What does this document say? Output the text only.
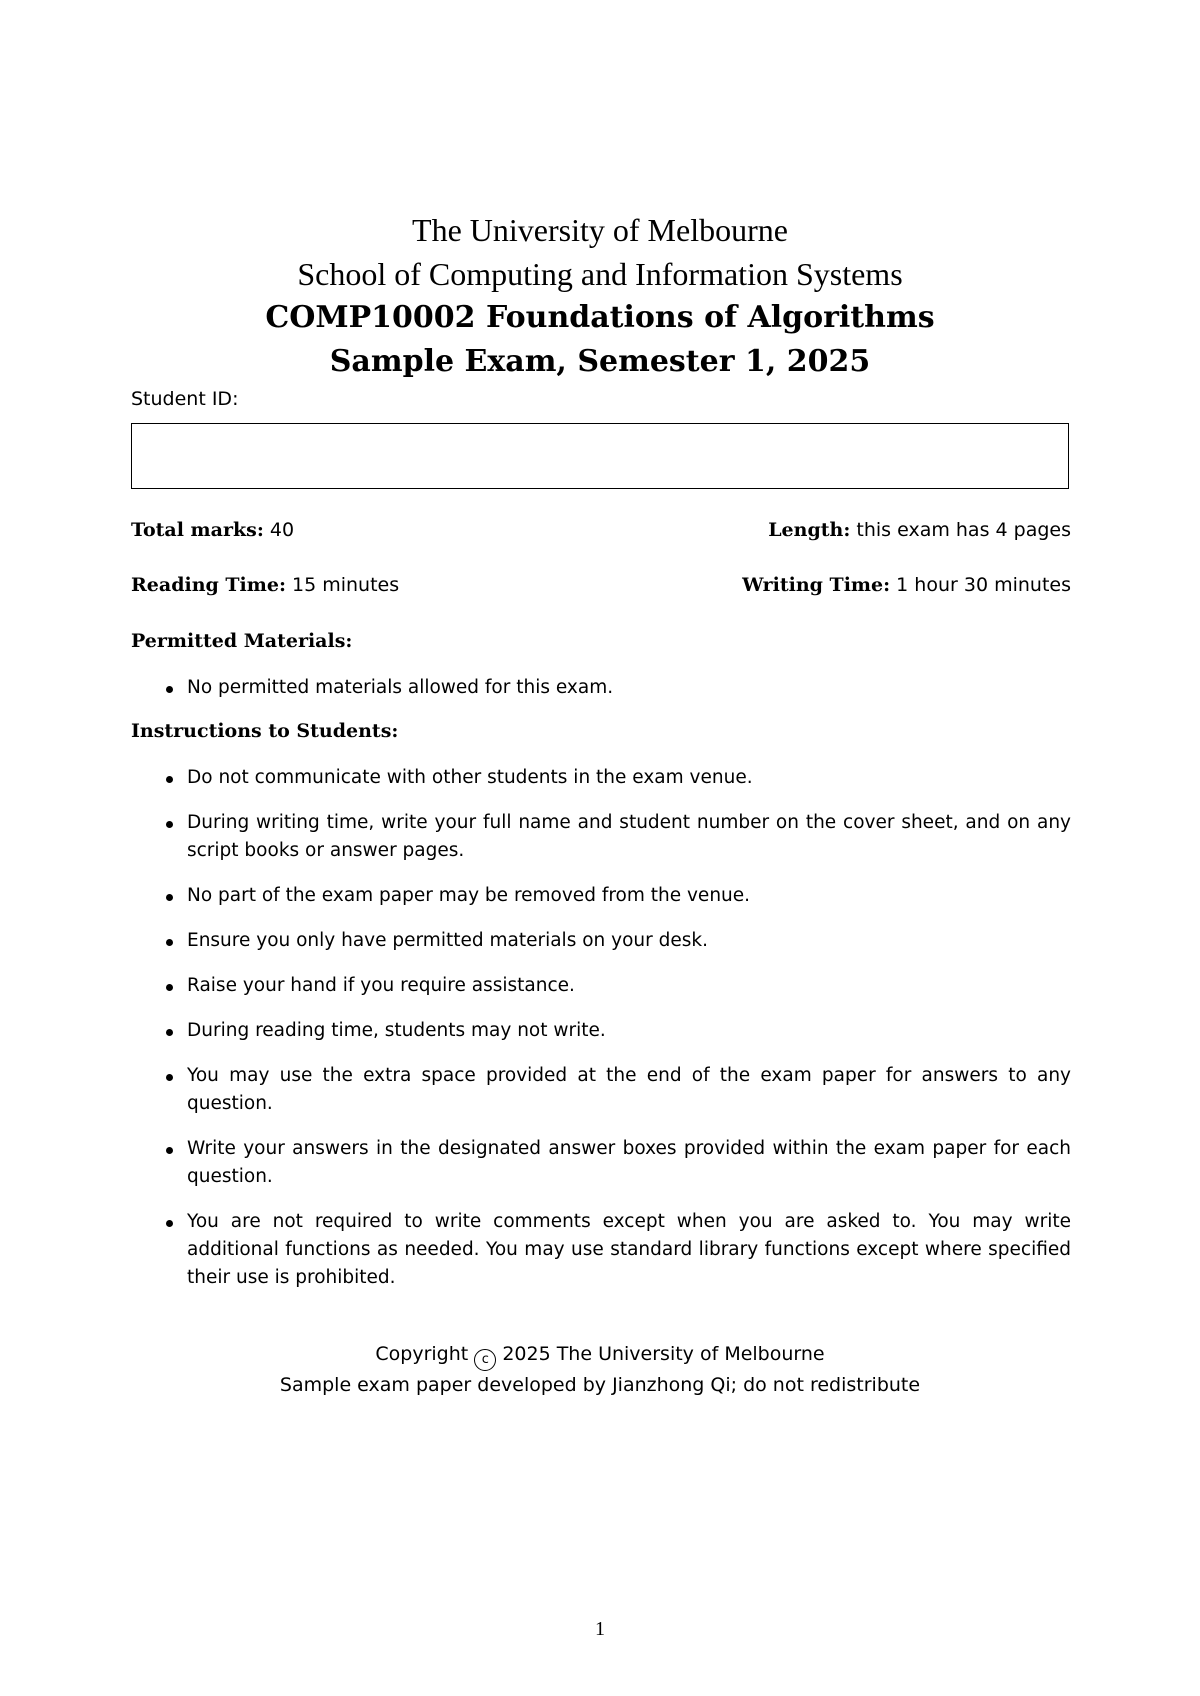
The University of Melbourne
School of Computing and Information Systems
COMP10002 Foundations of Algorithms
Sample Exam, Semester 1, 2025
Student ID:
Total marks: 40	Length: this exam has 4 pages
Reading Time: 15 minutes	Writing Time: 1 hour 30 minutes
Permitted Materials:
No permitted materials allowed for this exam.
Instructions to Students:
Do not communicate with other students in the exam venue.
During writing time, write your full name and student number on the cover sheet, and on any script books or answer pages.
No part of the exam paper may be removed from the venue.
Ensure you only have permitted materials on your desk.
Raise your hand if you require assistance.
During reading time, students may not write.
You may use the extra space provided at the end of the exam paper for answers to any question.
Write your answers in the designated answer boxes provided within the exam paper for each question.
You are not required to write comments except when you are asked to. You may write additional functions as needed. You may use standard library functions except where specified their use is prohibited.
Copyright c 2025 The University of Melbourne
Sample exam paper developed by Jianzhong Qi; do not redistribute
1
